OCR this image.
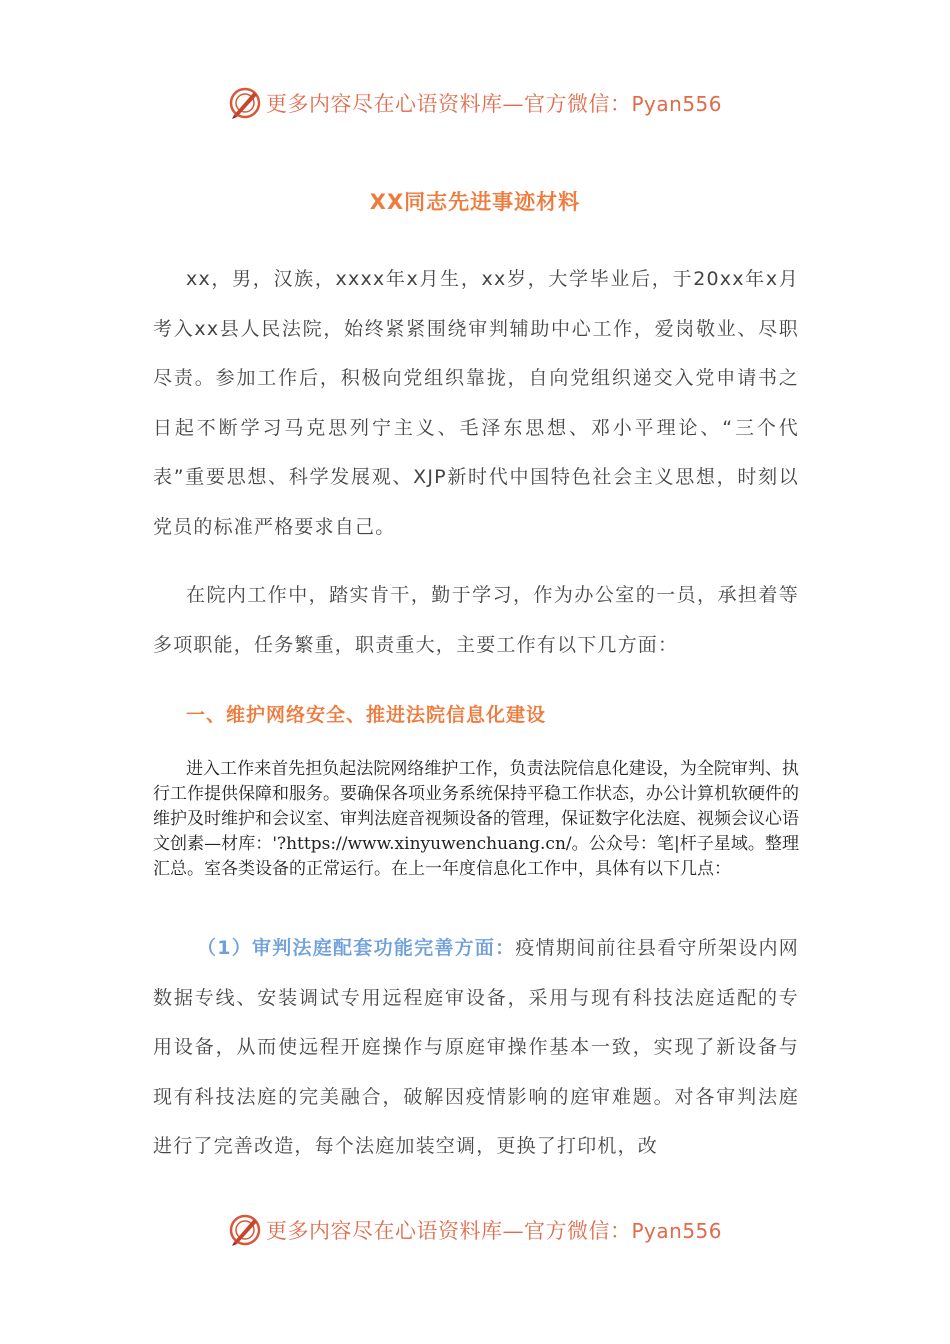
更多内容尽在心语资料库—官方微信：Pyan556
XX同志先进事迹材料
xx，男，汉族，xxxx年x月生，xx岁，大学毕业后，于20xx年x月考入xx县人民法院，始终紧紧围绕审判辅助中心工作，爱岗敬业、尽职尽责。参加工作后，积极向党组织靠拢，自向党组织递交入党申请书之日起不断学习马克思列宁主义、毛泽东思想、邓小平理论、“三个代表”重要思想、科学发展观、XJP新时代中国特色社会主义思想，时刻以党员的标准严格要求自己。
在院内工作中，踏实肯干，勤于学习，作为办公室的一员，承担着等多项职能，任务繁重，职责重大，主要工作有以下几方面：
一、维护网络安全、推进法院信息化建设
进入工作来首先担负起法院网络维护工作，负责法院信息化建设，为全院审判、执行工作提供保障和服务。要确保各项业务系统保持平稳工作状态，办公计算机软硬件的维护及时维护和会议室、审判法庭音视频设备的管理，保证数字化法庭、视频会议心语文创素—材库：'?https://www.xinyuwenchuang.cn/。公众号：笔|杆子星域。整理汇总。室各类设备的正常运行。在上一年度信息化工作中，具体有以下几点：
（1）审判法庭配套功能完善方面：疫情期间前往县看守所架设内网数据专线、安装调试专用远程庭审设备，采用与现有科技法庭适配的专用设备，从而使远程开庭操作与原庭审操作基本一致，实现了新设备与现有科技法庭的完美融合，破解因疫情影响的庭审难题。对各审判法庭进行了完善改造，每个法庭加装空调，更换了打印机，改
更多内容尽在心语资料库—官方微信：Pyan556
